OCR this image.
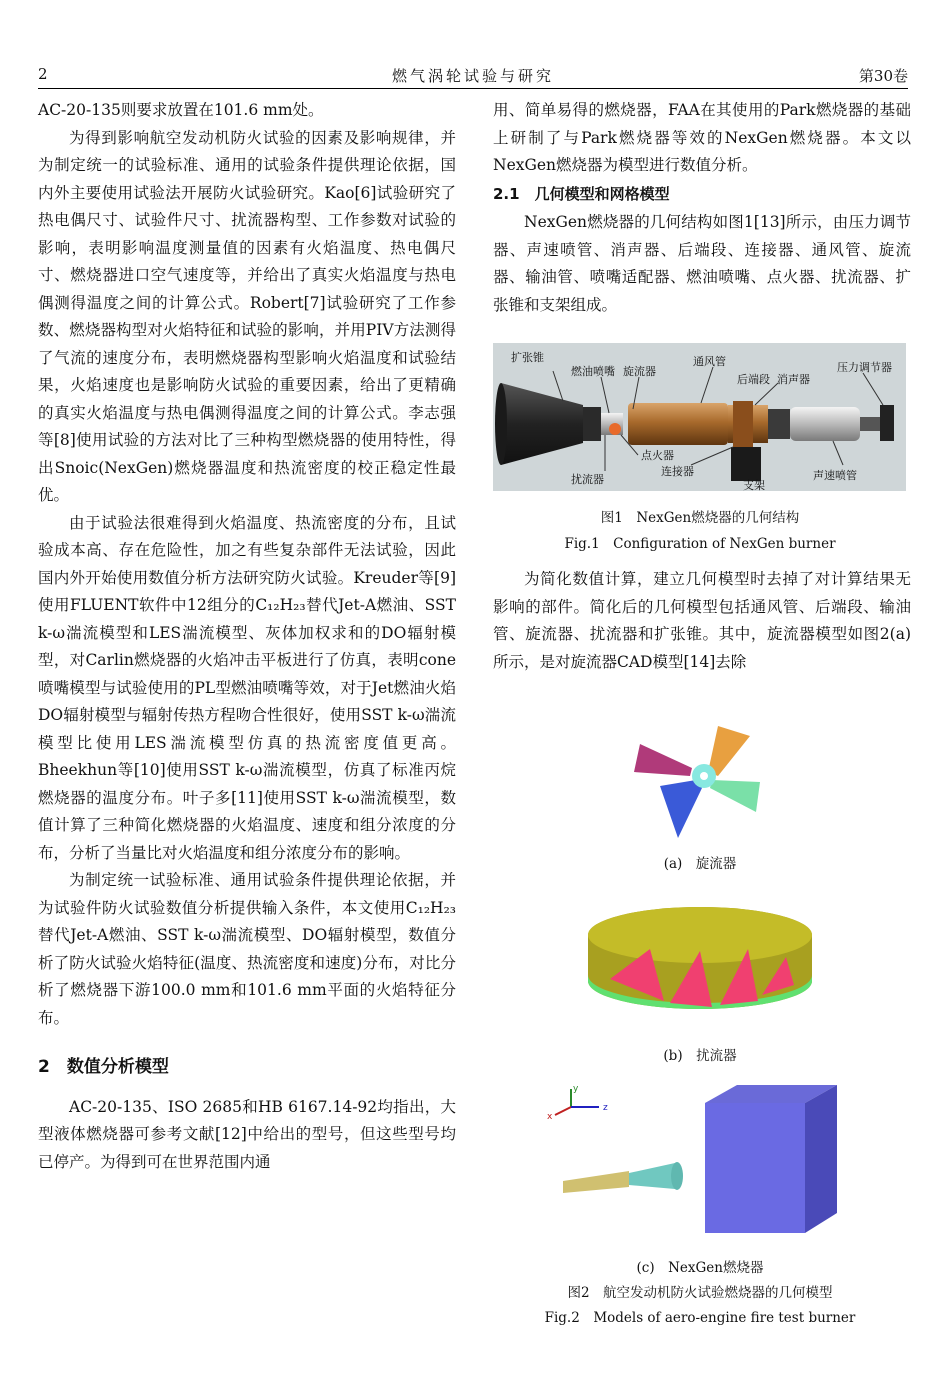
2	燃气涡轮试验与研究	第30卷

AC-20-135则要求放置在101.6 mm处。

为得到影响航空发动机防火试验的因素及影响规律，并为制定统一的试验标准、通用的试验条件提供理论依据，国内外主要使用试验法开展防火试验研究。Kao[6]试验研究了热电偶尺寸、试验件尺寸、扰流器构型、工作参数对试验的影响，表明影响温度测量值的因素有火焰温度、热电偶尺寸、燃烧器进口空气速度等，并给出了真实火焰温度与热电偶测得温度之间的计算公式。Robert[7]试验研究了工作参数、燃烧器构型对火焰特征和试验的影响，并用PIV方法测得了气流的速度分布，表明燃烧器构型影响火焰温度和试验结果，火焰速度也是影响防火试验的重要因素，给出了更精确的真实火焰温度与热电偶测得温度之间的计算公式。李志强等[8]使用试验的方法对比了三种构型燃烧器的使用特性，得出Snoic(NexGen)燃烧器温度和热流密度的校正稳定性最优。

由于试验法很难得到火焰温度、热流密度的分布，且试验成本高、存在危险性，加之有些复杂部件无法试验，因此国内外开始使用数值分析方法研究防火试验。Kreuder等[9]使用FLUENT软件中12组分的C₁₂H₂₃替代Jet-A燃油、SST k-ω湍流模型和LES湍流模型、灰体加权求和的DO辐射模型，对Carlin燃烧器的火焰冲击平板进行了仿真，表明cone喷嘴模型与试验使用的PL型燃油喷嘴等效，对于Jet燃油火焰DO辐射模型与辐射传热方程吻合性很好，使用SST k-ω湍流模型比使用LES湍流模型仿真的热流密度值更高。Bheekhun等[10]使用SST k-ω湍流模型，仿真了标准丙烷燃烧器的温度分布。叶子多[11]使用SST k-ω湍流模型，数值计算了三种简化燃烧器的火焰温度、速度和组分浓度的分布，分析了当量比对火焰温度和组分浓度分布的影响。

为制定统一试验标准、通用试验条件提供理论依据，并为试验件防火试验数值分析提供输入条件，本文使用C₁₂H₂₃替代Jet-A燃油、SST k-ω湍流模型、DO辐射模型，数值分析了防火试验火焰特征(温度、热流密度和速度)分布，对比分析了燃烧器下游100.0 mm和101.6 mm平面的火焰特征分布。

2　数值分析模型

AC-20-135、ISO 2685和HB 6167.14-92均指出，大型液体燃烧器可参考文献[12]中给出的型号，但这些型号均已停产。为得到可在世界范围内通

用、简单易得的燃烧器，FAA在其使用的Park燃烧器的基础上研制了与Park燃烧器等效的NexGen燃烧器。本文以NexGen燃烧器为模型进行数值分析。

2.1　几何模型和网格模型

NexGen燃烧器的几何结构如图1[13]所示，由压力调节器、声速喷管、消声器、后端段、连接器、通风管、旋流器、输油管、喷嘴适配器、燃油喷嘴、点火器、扰流器、扩张锥和支架组成。

扩张锥
燃油喷嘴 旋流器
通风管
后端段 消声器
压力调节器
点火器
连接器
扰流器	支架
声速喷管
图1　NexGen燃烧器的几何结构
Fig.1　Configuration of NexGen burner

为简化数值计算，建立几何模型时去掉了对计算结果无影响的部件。简化后的几何模型包括通风管、后端段、输油管、旋流器、扰流器和扩张锥。其中，旋流器模型如图2(a)所示，是对旋流器CAD模型[14]去除

(a)　旋流器
(b)　扰流器
y
x
z
(c)　NexGen燃烧器
图2　航空发动机防火试验燃烧器的几何模型
Fig.2　Models of aero-engine fire test burner
